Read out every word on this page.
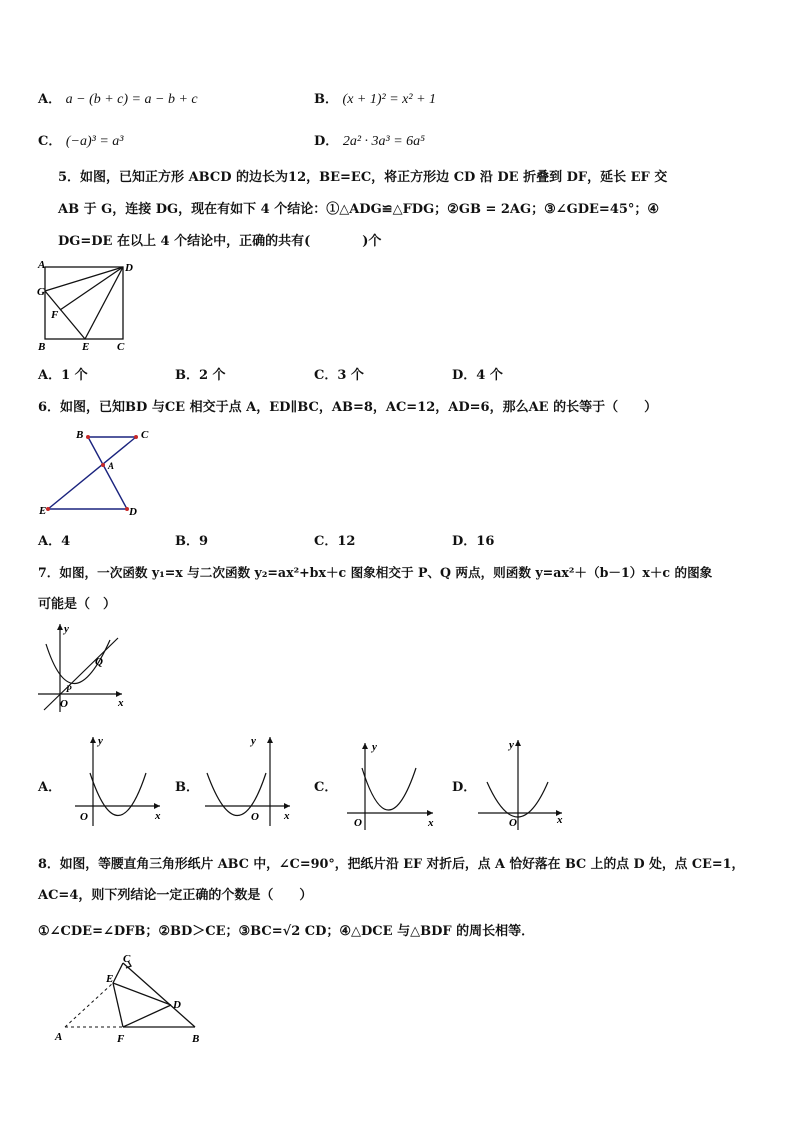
A． a − (b + c) = a − b + c	B． (x + 1)² = x² + 1
C． (−a)³ = a³	D． 2a² · 3a³ = 6a⁵
5．如图，已知正方形 ABCD 的边长为12，BE=EC，将正方形边 CD 沿 DE 折叠到 DF，延长 EF 交
AB 于 G，连接 DG，现在有如下 4 个结论：①△ADG≌△FDG；②GB = 2AG；③∠GDE=45°；④
DG=DE 在以上 4 个结论中，正确的共有(　　　　)个
A	D
G
F
B	E	C
A．1 个	B．2 个	C．3 个	D．4 个
6．如图，已知BD 与CE 相交于点 A，ED∥BC，AB=8，AC=12，AD=6，那么AE 的长等于（　　）
B	C
A
E	D
A．4	B．9	C．12	D．16
7．如图，一次函数 y₁=x 与二次函数 y₂=ax²+bx＋c 图象相交于 P、Q 两点，则函数 y=ax²＋（b－1）x＋c 的图象
可能是（　）
y
x
O
P
Q
A．	B．	C．	D．
y
x
O
y
x
O
y
x
O
y
x
O
8．如图，等腰直角三角形纸片 ABC 中，∠C=90°，把纸片沿 EF 对折后，点 A 恰好落在 BC 上的点 D 处，点 CE=1，
AC=4，则下列结论一定正确的个数是（　　）
①∠CDE=∠DFB；②BD＞CE；③BC=√2 CD；④△DCE 与△BDF 的周长相等．
C
E
D
A	F	B
